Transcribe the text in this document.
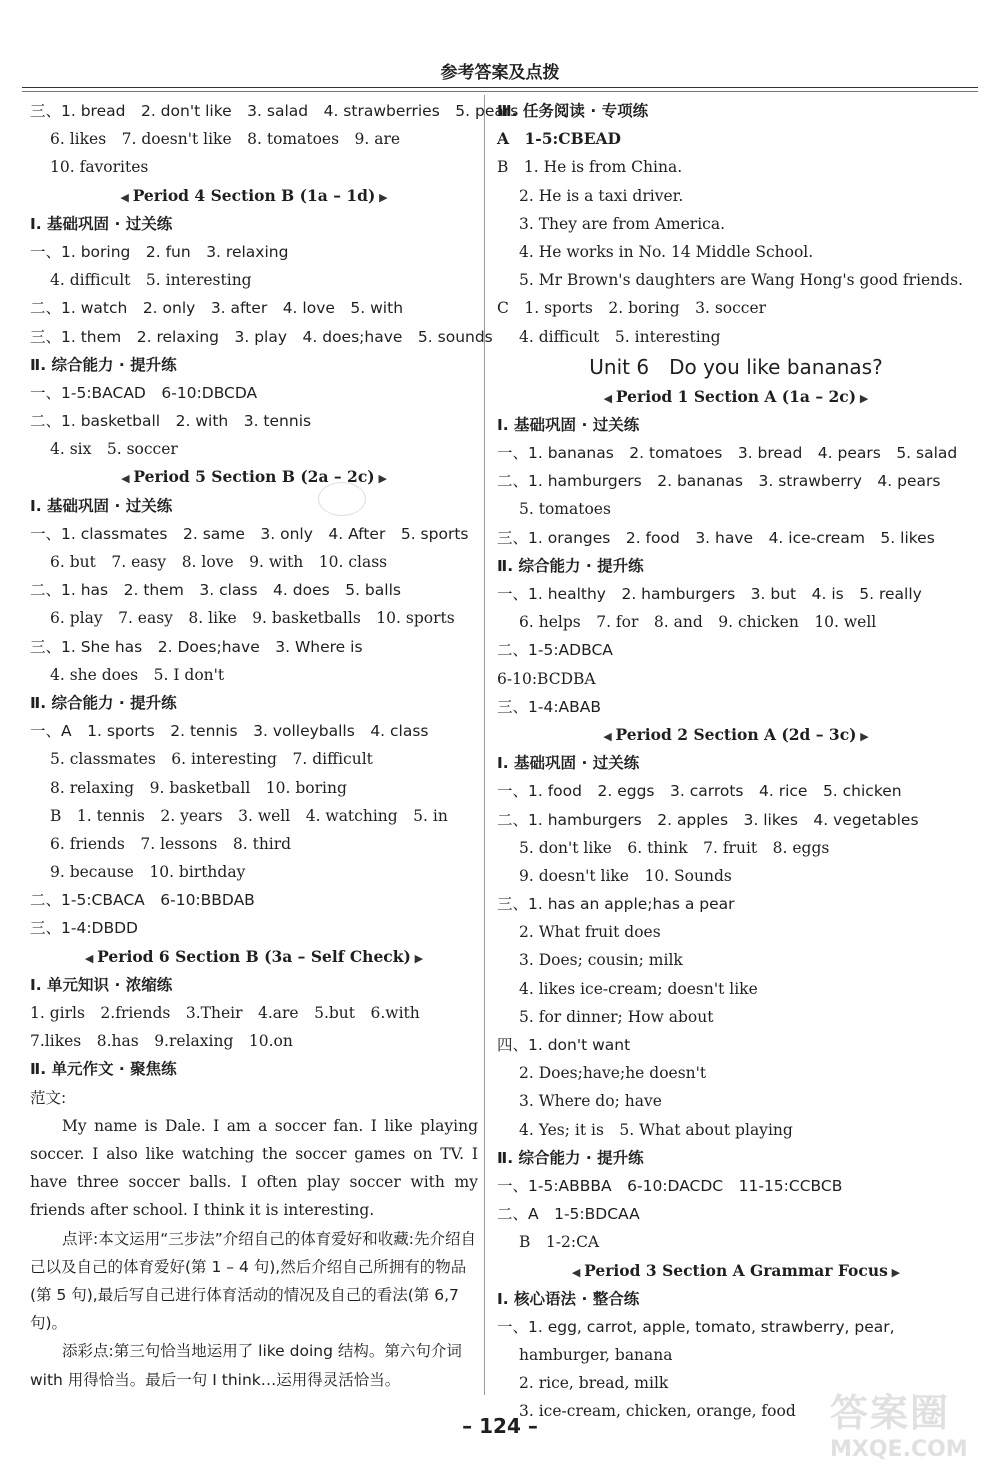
参考答案及点拨
三、1. bread　2. don't like　3. salad　4. strawberries　5. pears
6. likes　7. doesn't like　8. tomatoes　9. are
10. favorites
◀ Period 4 Section B (1a – 1d) ▶
Ⅰ. 基础巩固 · 过关练
一、1. boring　2. fun　3. relaxing
4. difficult　5. interesting
二、1. watch　2. only　3. after　4. love　5. with
三、1. them　2. relaxing　3. play　4. does;have　5. sounds
Ⅱ. 综合能力 · 提升练
一、1-5:BACAD　6-10:DBCDA
二、1. basketball　2. with　3. tennis
4. six　5. soccer
◀ Period 5 Section B (2a – 2c) ▶
Ⅰ. 基础巩固 · 过关练
一、1. classmates　2. same　3. only　4. After　5. sports
6. but　7. easy　8. love　9. with　10. class
二、1. has　2. them　3. class　4. does　5. balls
6. play　7. easy　8. like　9. basketballs　10. sports
三、1. She has　2. Does;have　3. Where is
4. she does　5. I don't
Ⅱ. 综合能力 · 提升练
一、A　1. sports　2. tennis　3. volleyballs　4. class
5. classmates　6. interesting　7. difficult
8. relaxing　9. basketball　10. boring
B　1. tennis　2. years　3. well　4. watching　5. in
6. friends　7. lessons　8. third
9. because　10. birthday
二、1-5:CBACA　6-10:BBDAB
三、1-4:DBDD
◀ Period 6 Section B (3a – Self Check) ▶
Ⅰ. 单元知识 · 浓缩练
1. girls　2.friends　3.Their　4.are　5.but　6.with
7.likes　8.has　9.relaxing　10.on
Ⅱ. 单元作文 · 聚焦练
范文:
My name is Dale. I am a soccer fan. I like playing soccer. I also like watching the soccer games on TV. I have three soccer balls. I often play soccer with my friends after school. I think it is interesting.
点评:本文运用“三步法”介绍自己的体育爱好和收藏:先介绍自己以及自己的体育爱好(第 1 – 4 句),然后介绍自己所拥有的物品(第 5 句),最后写自己进行体育活动的情况及自己的看法(第 6,7 句)。
添彩点:第三句恰当地运用了 like doing 结构。第六句介词 with 用得恰当。最后一句 I think…运用得灵活恰当。
Ⅲ. 任务阅读 · 专项练
A　1-5:CBEAD
B　1. He is from China.
2. He is a taxi driver.
3. They are from America.
4. He works in No. 14 Middle School.
5. Mr Brown's daughters are Wang Hong's good friends.
C　1. sports　2. boring　3. soccer
4. difficult　5. interesting
Unit 6　Do you like bananas?
◀ Period 1 Section A (1a – 2c) ▶
Ⅰ. 基础巩固 · 过关练
一、1. bananas　2. tomatoes　3. bread　4. pears　5. salad
二、1. hamburgers　2. bananas　3. strawberry　4. pears
5. tomatoes
三、1. oranges　2. food　3. have　4. ice-cream　5. likes
Ⅱ. 综合能力 · 提升练
一、1. healthy　2. hamburgers　3. but　4. is　5. really
6. helps　7. for　8. and　9. chicken　10. well
二、1-5:ADBCA
6-10:BCDBA
三、1-4:ABAB
◀ Period 2 Section A (2d – 3c) ▶
Ⅰ. 基础巩固 · 过关练
一、1. food　2. eggs　3. carrots　4. rice　5. chicken
二、1. hamburgers　2. apples　3. likes　4. vegetables
5. don't like　6. think　7. fruit　8. eggs
9. doesn't like　10. Sounds
三、1. has an apple;has a pear
2. What fruit does
3. Does; cousin; milk
4. likes ice-cream; doesn't like
5. for dinner; How about
四、1. don't want
2. Does;have;he doesn't
3. Where do; have
4. Yes; it is　5. What about playing
Ⅱ. 综合能力 · 提升练
一、1-5:ABBBA　6-10:DACDC　11-15:CCBCB
二、A　1-5:BDCAA
B　1-2:CA
◀ Period 3 Section A Grammar Focus ▶
Ⅰ. 核心语法 · 整合练
一、1. egg, carrot, apple, tomato, strawberry, pear,
hamburger, banana
2. rice, bread, milk
3. ice-cream, chicken, orange, food
– 124 –	答案圈
MXQE.COM
